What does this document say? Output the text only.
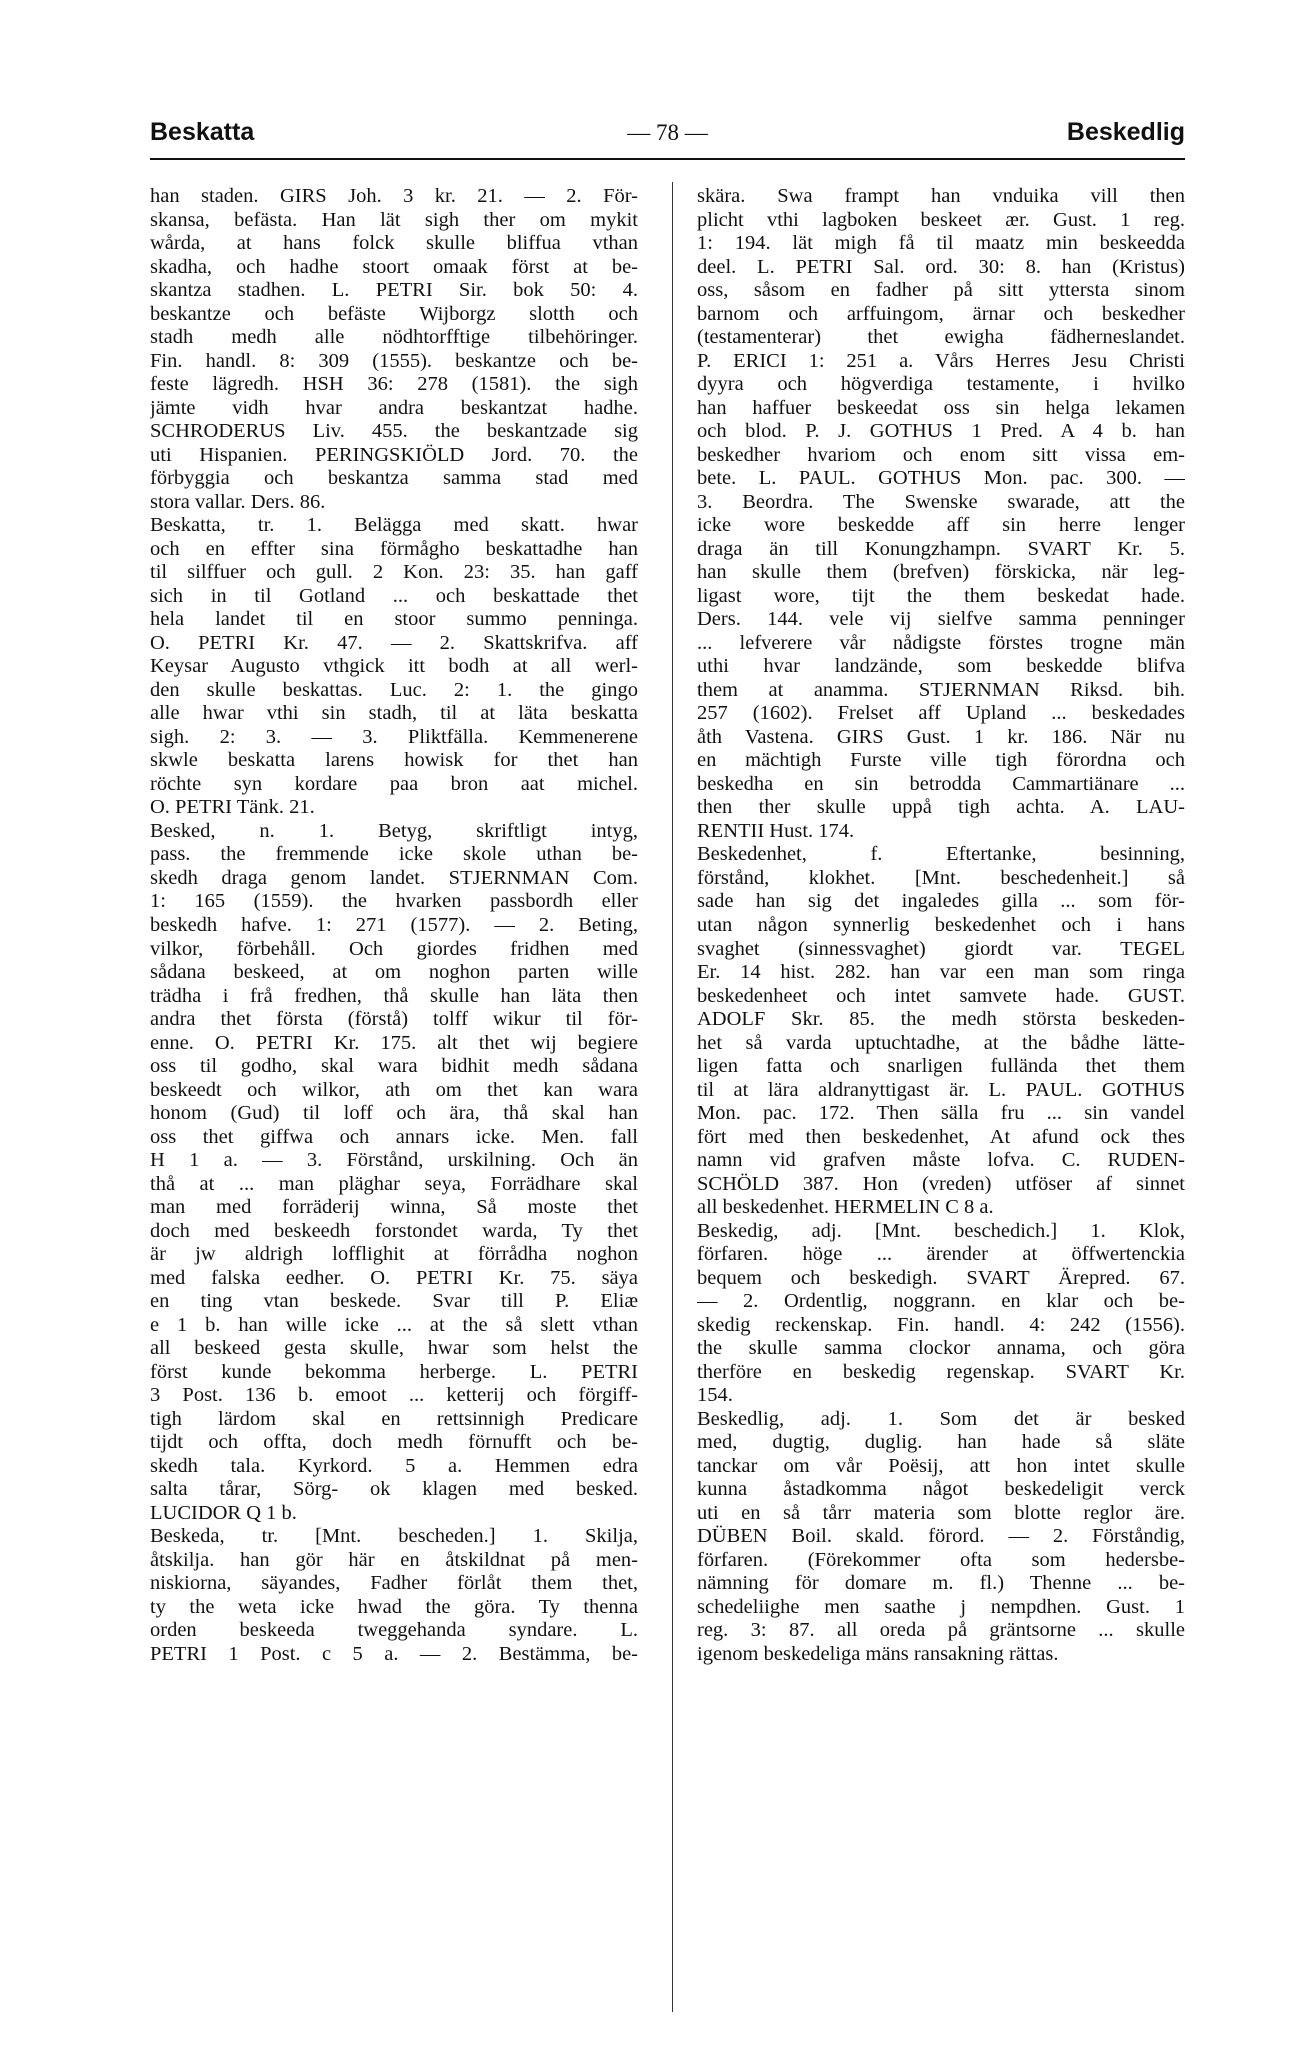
Beskatta	— 78 —	Beskedlig
han staden. GIRS Joh. 3 kr. 21. — 2. För-
skansa, befästa. Han lät sigh ther om mykit
wårda, at hans folck skulle bliffua vthan
skadha, och hadhe stoort omaak först at be-
skantza stadhen. L. PETRI Sir. bok 50: 4.
beskantze och befäste Wijborgz slotth och
stadh medh alle nödhtorfftige tilbehöringer.
Fin. handl. 8: 309 (1555). beskantze och be-
feste lägredh. HSH 36: 278 (1581). the sigh
jämte vidh hvar andra beskantzat hadhe.
SCHRODERUS Liv. 455. the beskantzade sig
uti Hispanien. PERINGSKIÖLD Jord. 70. the
förbyggia och beskantza samma stad med
stora vallar. Ders. 86.
Beskatta, tr. 1. Belägga med skatt. hwar
och en effter sina förmågho beskattadhe han
til silffuer och gull. 2 Kon. 23: 35. han gaff
sich in til Gotland ... och beskattade thet
hela landet til en stoor summo penninga.
O. PETRI Kr. 47. — 2. Skattskrifva. aff
Keysar Augusto vthgick itt bodh at all werl-
den skulle beskattas. Luc. 2: 1. the gingo
alle hwar vthi sin stadh, til at läta beskatta
sigh. 2: 3. — 3. Pliktfälla. Kemmenerene
skwle beskatta larens howisk for thet han
röchte syn kordare paa bron aat michel.
O. PETRI Tänk. 21.
Besked, n. 1. Betyg, skriftligt intyg,
pass. the fremmende icke skole uthan be-
skedh draga genom landet. STJERNMAN Com.
1: 165 (1559). the hvarken passbordh eller
beskedh hafve. 1: 271 (1577). — 2. Beting,
vilkor, förbehåll. Och giordes fridhen med
sådana beskeed, at om noghon parten wille
trädha i frå fredhen, thå skulle han läta then
andra thet första (förstå) tolff wikur til för-
enne. O. PETRI Kr. 175. alt thet wij begiere
oss til godho, skal wara bidhit medh sådana
beskeedt och wilkor, ath om thet kan wara
honom (Gud) til loff och ära, thå skal han
oss thet giffwa och annars icke. Men. fall
H 1 a. — 3. Förstånd, urskilning. Och än
thå at ... man pläghar seya, Forrädhare skal
man med forräderij winna, Så moste thet
doch med beskeedh forstondet warda, Ty thet
är jw aldrigh lofflighit at förrådha noghon
med falska eedher. O. PETRI Kr. 75. säya
en ting vtan beskede. Svar till P. Eliæ
e 1 b. han wille icke ... at the så slett vthan
all beskeed gesta skulle, hwar som helst the
först kunde bekomma herberge. L. PETRI
3 Post. 136 b. emoot ... ketterij och förgiff-
tigh lärdom skal en rettsinnigh Predicare
tijdt och offta, doch medh förnufft och be-
skedh tala. Kyrkord. 5 a. Hemmen edra
salta tårar, Sörg- ok klagen med besked.
LUCIDOR Q 1 b.
Beskeda, tr. [Mnt. bescheden.] 1. Skilja,
åtskilja. han gör här en åtskildnat på men-
niskiorna, säyandes, Fadher förlåt them thet,
ty the weta icke hwad the göra. Ty thenna
orden beskeeda tweggehanda syndare. L.
PETRI 1 Post. c 5 a. — 2. Bestämma, be-
skära. Swa frampt han vnduika vill then
plicht vthi lagboken beskeet ær. Gust. 1 reg.
1: 194. lät migh få til maatz min beskeedda
deel. L. PETRI Sal. ord. 30: 8. han (Kristus)
oss, såsom en fadher på sitt yttersta sinom
barnom och arffuingom, ärnar och beskedher
(testamenterar) thet ewigha fädherneslandet.
P. ERICI 1: 251 a. Vårs Herres Jesu Christi
dyyra och högverdiga testamente, i hvilko
han haffuer beskeedat oss sin helga lekamen
och blod. P. J. GOTHUS 1 Pred. A 4 b. han
beskedher hvariom och enom sitt vissa em-
bete. L. PAUL. GOTHUS Mon. pac. 300. —
3. Beordra. The Swenske swarade, att the
icke wore beskedde aff sin herre lenger
draga än till Konungzhampn. SVART Kr. 5.
han skulle them (brefven) förskicka, när leg-
ligast wore, tijt the them beskedat hade.
Ders. 144. vele vij sielfve samma penninger
... lefverere vår nådigste förstes trogne män
uthi hvar landzände, som beskedde blifva
them at anamma. STJERNMAN Riksd. bih.
257 (1602). Frelset aff Upland ... beskedades
åth Vastena. GIRS Gust. 1 kr. 186. När nu
en mächtigh Furste ville tigh förordna och
beskedha en sin betrodda Cammartiänare ...
then ther skulle uppå tigh achta. A. LAU-
RENTII Hust. 174.
Beskedenhet, f. Eftertanke, besinning,
förstånd, klokhet. [Mnt. beschedenheit.] så
sade han sig det ingaledes gilla ... som för-
utan någon synnerlig beskedenhet och i hans
svaghet (sinnessvaghet) giordt var. TEGEL
Er. 14 hist. 282. han var een man som ringa
beskedenheet och intet samvete hade. GUST.
ADOLF Skr. 85. the medh största beskeden-
het så varda uptuchtadhe, at the bådhe lätte-
ligen fatta och snarligen fullända thet them
til at lära aldranyttigast är. L. PAUL. GOTHUS
Mon. pac. 172. Then sälla fru ... sin vandel
fört med then beskedenhet, At afund ock thes
namn vid grafven måste lofva. C. RUDEN-
SCHÖLD 387. Hon (vreden) utföser af sinnet
all beskedenhet. HERMELIN C 8 a.
Beskedig, adj. [Mnt. beschedich.] 1. Klok,
förfaren. höge ... ärender at öffwertenckia
bequem och beskedigh. SVART Ärepred. 67.
— 2. Ordentlig, noggrann. en klar och be-
skedig reckenskap. Fin. handl. 4: 242 (1556).
the skulle samma clockor annama, och göra
therföre en beskedig regenskap. SVART Kr.
154.
Beskedlig, adj. 1. Som det är besked
med, dugtig, duglig. han hade så släte
tanckar om vår Poësij, att hon intet skulle
kunna åstadkomma något beskedeligit verck
uti en så tårr materia som blotte reglor äre.
DÜBEN Boil. skald. förord. — 2. Förståndig,
förfaren. (Förekommer ofta som hedersbe-
nämning för domare m. fl.) Thenne ... be-
schedeliighe men saathe j nempdhen. Gust. 1
reg. 3: 87. all oreda på gräntsorne ... skulle
igenom beskedeliga mäns ransakning rättas.
